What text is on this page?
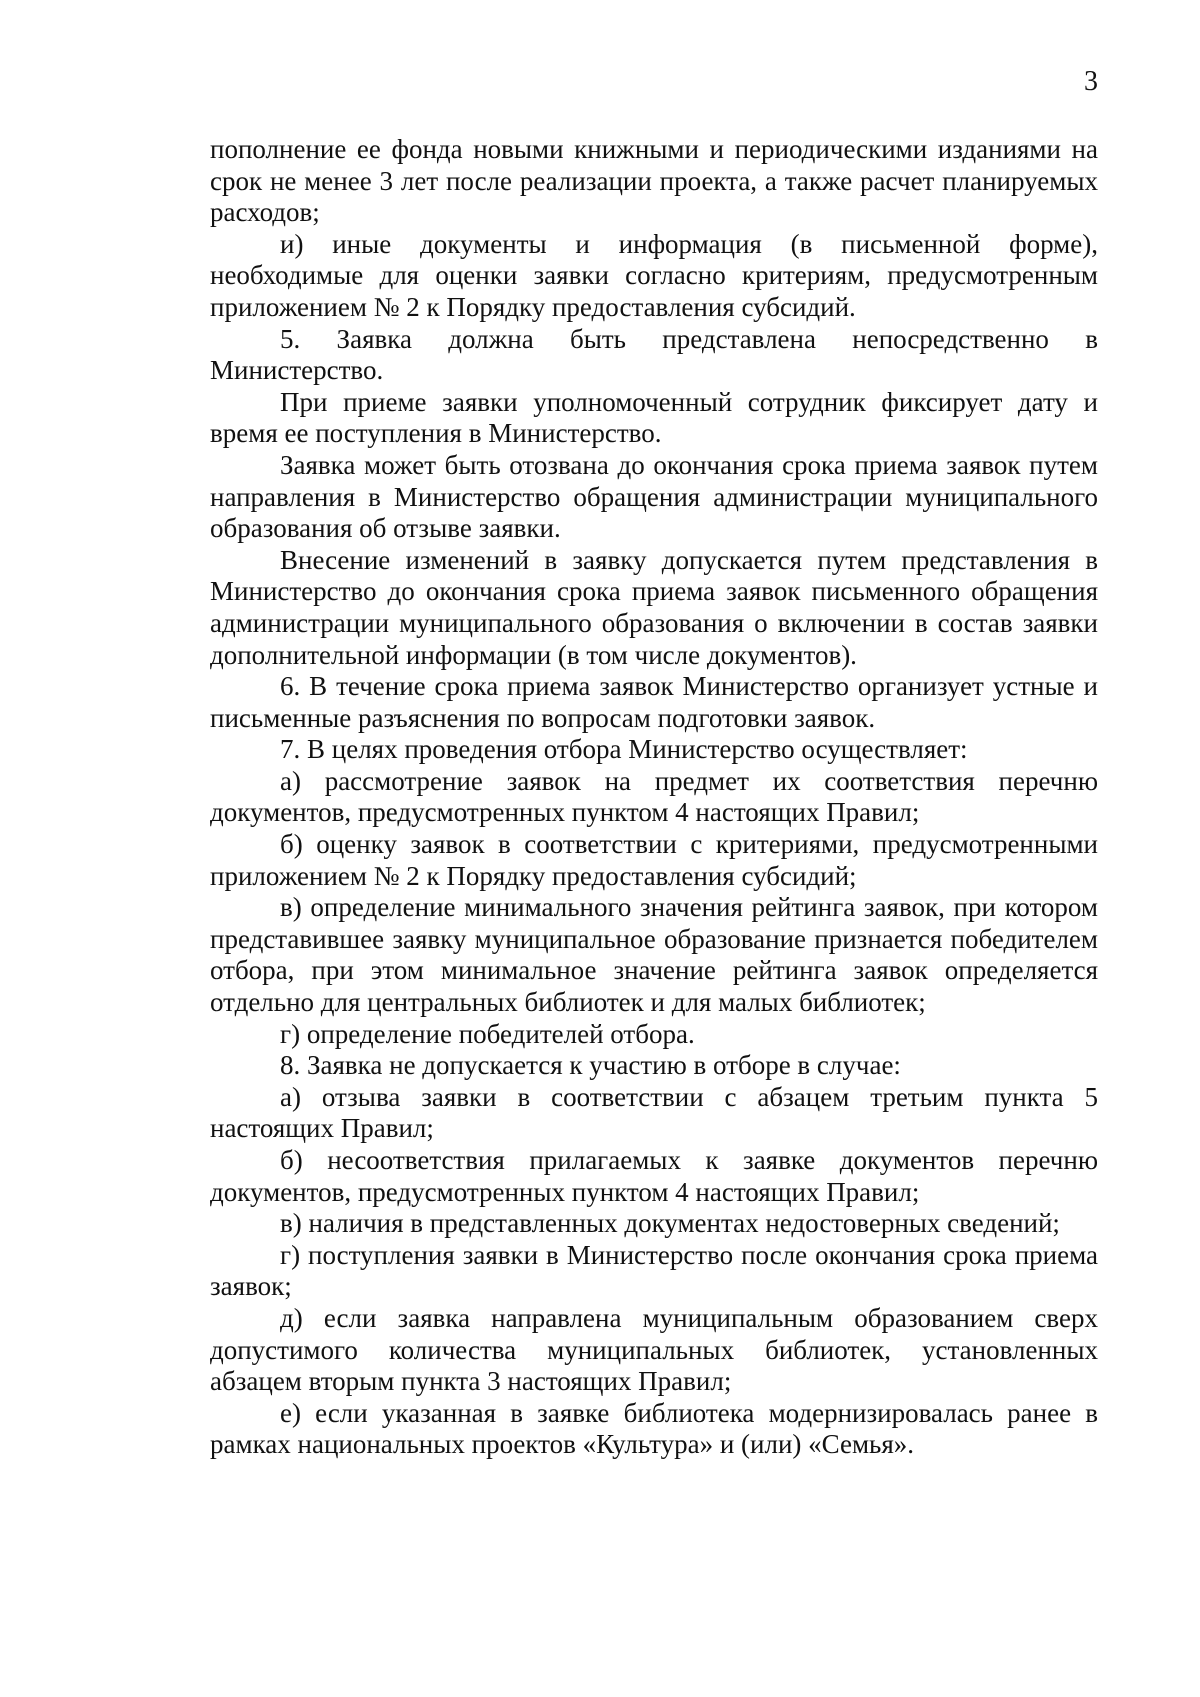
3

пополнение ее фонда новыми книжными и периодическими изданиями на срок не менее 3 лет после реализации проекта, а также расчет планируемых расходов;

и) иные документы и информация (в письменной форме), необходимые для оценки заявки согласно критериям, предусмотренным приложением № 2 к Порядку предоставления субсидий.

5. Заявка должна быть представлена непосредственно в Министерство.

При приеме заявки уполномоченный сотрудник фиксирует дату и время ее поступления в Министерство.

Заявка может быть отозвана до окончания срока приема заявок путем направления в Министерство обращения администрации муниципального образования об отзыве заявки.

Внесение изменений в заявку допускается путем представления в Министерство до окончания срока приема заявок письменного обращения администрации муниципального образования о включении в состав заявки дополнительной информации (в том числе документов).

6. В течение срока приема заявок Министерство организует устные и письменные разъяснения по вопросам подготовки заявок.

7. В целях проведения отбора Министерство осуществляет:

а) рассмотрение заявок на предмет их соответствия перечню документов, предусмотренных пунктом 4 настоящих Правил;

б) оценку заявок в соответствии с критериями, предусмотренными приложением № 2 к Порядку предоставления субсидий;

в) определение минимального значения рейтинга заявок, при котором представившее заявку муниципальное образование признается победителем отбора, при этом минимальное значение рейтинга заявок определяется отдельно для центральных библиотек и для малых библиотек;

г) определение победителей отбора.

8. Заявка не допускается к участию в отборе в случае:

а) отзыва заявки в соответствии с абзацем третьим пункта 5 настоящих Правил;

б) несоответствия прилагаемых к заявке документов перечню документов, предусмотренных пунктом 4 настоящих Правил;

в) наличия в представленных документах недостоверных сведений;

г) поступления заявки в Министерство после окончания срока приема заявок;

д) если заявка направлена муниципальным образованием сверх допустимого количества муниципальных библиотек, установленных абзацем вторым пункта 3 настоящих Правил;

е) если указанная в заявке библиотека модернизировалась ранее в рамках национальных проектов «Культура» и (или) «Семья».
